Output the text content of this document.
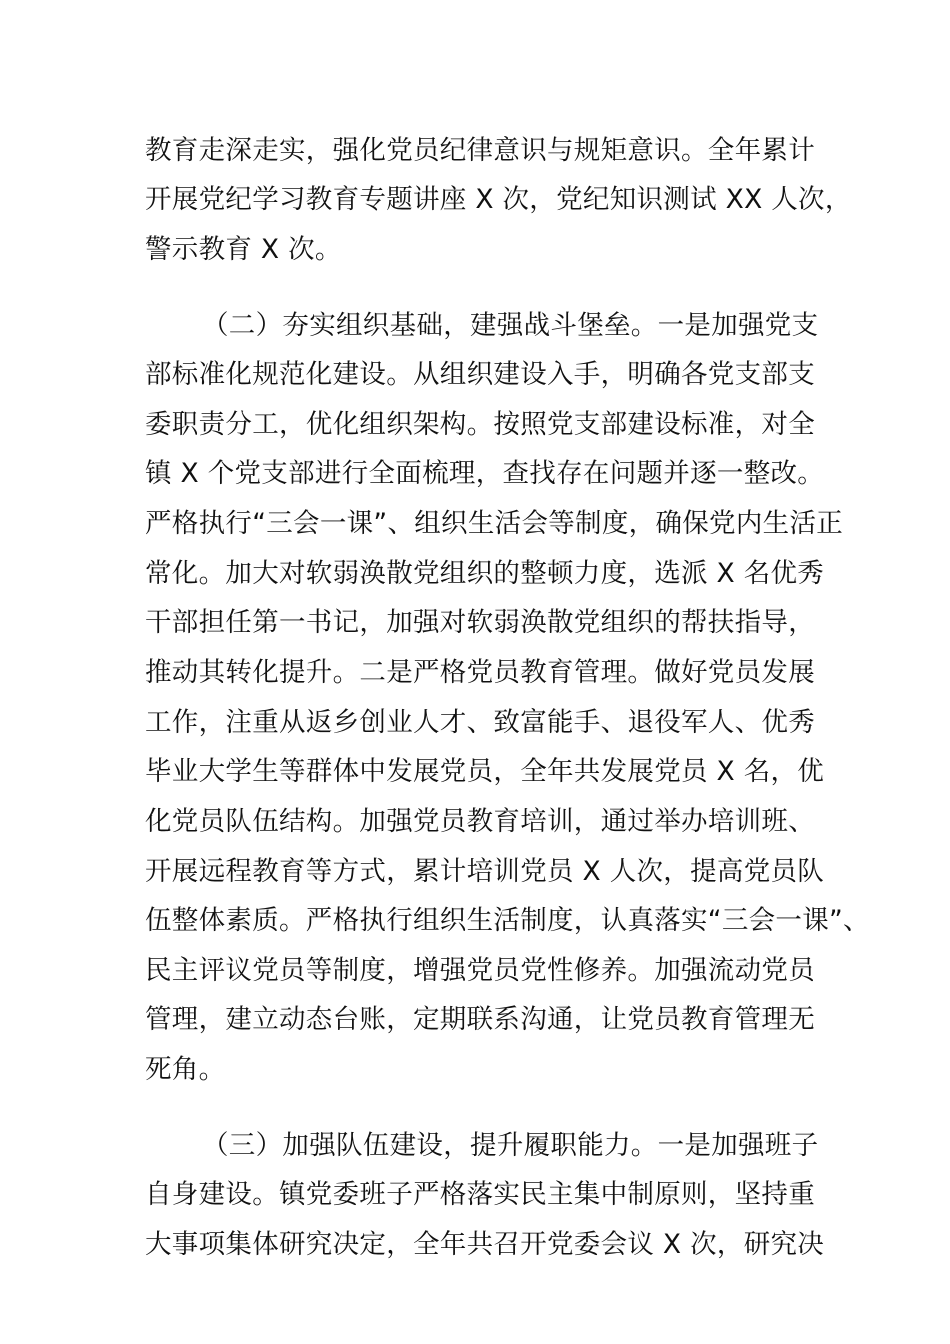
教育走深走实，强化党员纪律意识与规矩意识。全年累计
开展党纪学习教育专题讲座 X 次，党纪知识测试 XX 人次，
警示教育 X 次。
（二）夯实组织基础，建强战斗堡垒。一是加强党支
部标准化规范化建设。从组织建设入手，明确各党支部支
委职责分工，优化组织架构。按照党支部建设标准，对全
镇 X 个党支部进行全面梳理，查找存在问题并逐一整改。
严格执行“三会一课”、组织生活会等制度，确保党内生活正
常化。加大对软弱涣散党组织的整顿力度，选派 X 名优秀
干部担任第一书记，加强对软弱涣散党组织的帮扶指导，
推动其转化提升。二是严格党员教育管理。做好党员发展
工作，注重从返乡创业人才、致富能手、退役军人、优秀
毕业大学生等群体中发展党员，全年共发展党员 X 名，优
化党员队伍结构。加强党员教育培训，通过举办培训班、
开展远程教育等方式，累计培训党员 X 人次，提高党员队
伍整体素质。严格执行组织生活制度，认真落实“三会一课”、
民主评议党员等制度，增强党员党性修养。加强流动党员
管理，建立动态台账，定期联系沟通，让党员教育管理无
死角。
（三）加强队伍建设，提升履职能力。一是加强班子
自身建设。镇党委班子严格落实民主集中制原则，坚持重
大事项集体研究决定，全年共召开党委会议 X 次，研究决
